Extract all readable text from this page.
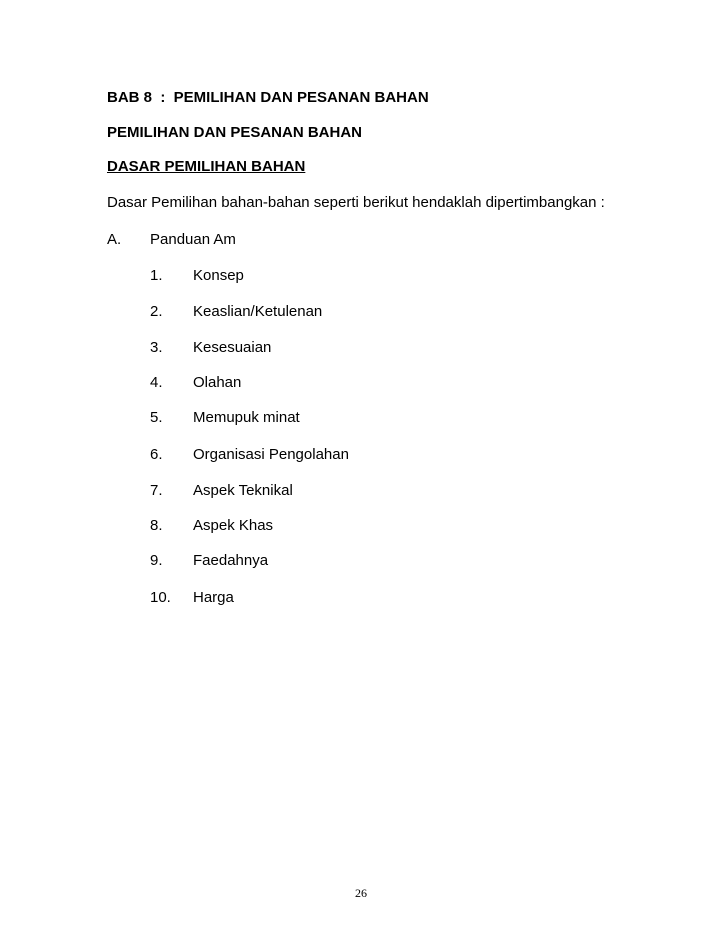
BAB 8  :  PEMILIHAN DAN PESANAN BAHAN
PEMILIHAN DAN PESANAN BAHAN
DASAR PEMILIHAN BAHAN
Dasar Pemilihan bahan-bahan seperti berikut hendaklah dipertimbangkan :
A. Panduan Am
1. Konsep
2. Keaslian/Ketulenan
3. Kesesuaian
4. Olahan
5. Memupuk minat
6. Organisasi Pengolahan
7. Aspek Teknikal
8. Aspek Khas
9. Faedahnya
10. Harga
26
